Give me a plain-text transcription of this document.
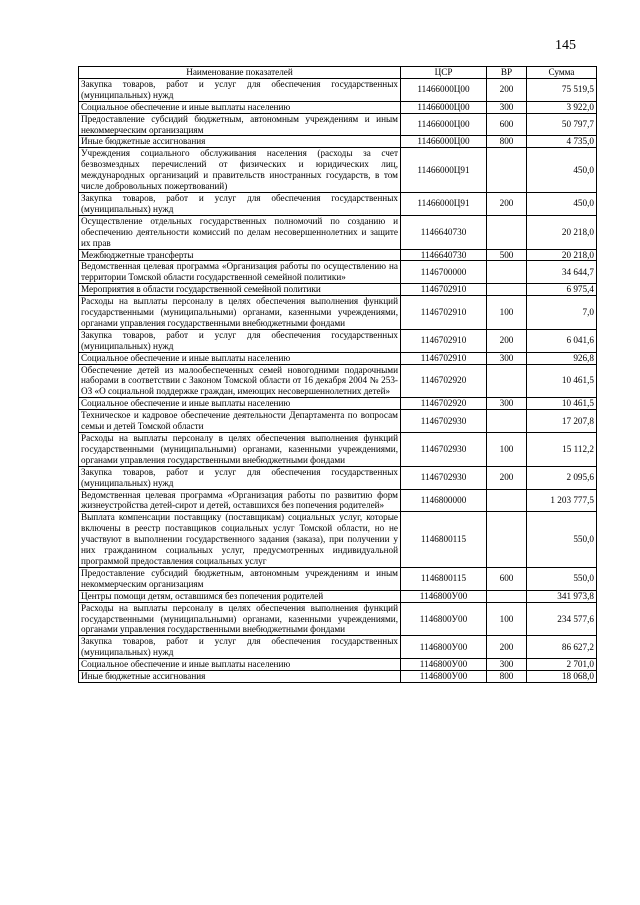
145
Наименование показателей	ЦСР	ВР	Сумма
Закупка товаров, работ и услуг для обеспечения государственных (муниципальных) нужд	11466000Ц00	200	75 519,5
Социальное обеспечение и иные выплаты населению	11466000Ц00	300	3 922,0
Предоставление субсидий бюджетным, автономным учреждениям и иным некоммерческим организациям	11466000Ц00	600	50 797,7
Иные бюджетные ассигнования	11466000Ц00	800	4 735,0
Учреждения социального обслуживания населения (расходы за счет безвозмездных перечислений от физических и юридических лиц, международных организаций и правительств иностранных государств, в том числе добровольных пожертвований)	11466000Ц91		450,0
Закупка товаров, работ и услуг для обеспечения государственных (муниципальных) нужд	11466000Ц91	200	450,0
Осуществление отдельных государственных полномочий по созданию и обеспечению деятельности комиссий по делам несовершеннолетних и защите их прав	1146640730		20 218,0
Межбюджетные трансферты	1146640730	500	20 218,0
Ведомственная целевая программа «Организация работы по осуществлению на территории Томской области государственной семейной политики»	1146700000		34 644,7
Мероприятия в области государственной семейной политики	1146702910		6 975,4
Расходы на выплаты персоналу в целях обеспечения выполнения функций государственными (муниципальными) органами, казенными учреждениями, органами управления государственными внебюджетными фондами	1146702910	100	7,0
Закупка товаров, работ и услуг для обеспечения государственных (муниципальных) нужд	1146702910	200	6 041,6
Социальное обеспечение и иные выплаты населению	1146702910	300	926,8
Обеспечение детей из малообеспеченных семей новогодними подарочными наборами в соответствии с Законом Томской области от 16 декабря 2004 № 253-ОЗ «О социальной поддержке граждан, имеющих несовершеннолетних детей»	1146702920		10 461,5
Социальное обеспечение и иные выплаты населению	1146702920	300	10 461,5
Техническое и кадровое обеспечение деятельности Департамента по вопросам семьи и детей Томской области	1146702930		17 207,8
Расходы на выплаты персоналу в целях обеспечения выполнения функций государственными (муниципальными) органами, казенными учреждениями, органами управления государственными внебюджетными фондами	1146702930	100	15 112,2
Закупка товаров, работ и услуг для обеспечения государственных (муниципальных) нужд	1146702930	200	2 095,6
Ведомственная целевая программа «Организация работы по развитию форм жизнеустройства детей-сирот и детей, оставшихся без попечения родителей»	1146800000		1 203 777,5
Выплата компенсации поставщику (поставщикам) социальных услуг, которые включены в реестр поставщиков социальных услуг Томской области, но не участвуют в выполнении государственного задания (заказа), при получении у них гражданином социальных услуг, предусмотренных индивидуальной программой предоставления социальных услуг	1146800115		550,0
Предоставление субсидий бюджетным, автономным учреждениям и иным некоммерческим организациям	1146800115	600	550,0
Центры помощи детям, оставшимся без попечения родителей	1146800У00		341 973,8
Расходы на выплаты персоналу в целях обеспечения выполнения функций государственными (муниципальными) органами, казенными учреждениями, органами управления государственными внебюджетными фондами	1146800У00	100	234 577,6
Закупка товаров, работ и услуг для обеспечения государственных (муниципальных) нужд	1146800У00	200	86 627,2
Социальное обеспечение и иные выплаты населению	1146800У00	300	2 701,0
Иные бюджетные ассигнования	1146800У00	800	18 068,0
